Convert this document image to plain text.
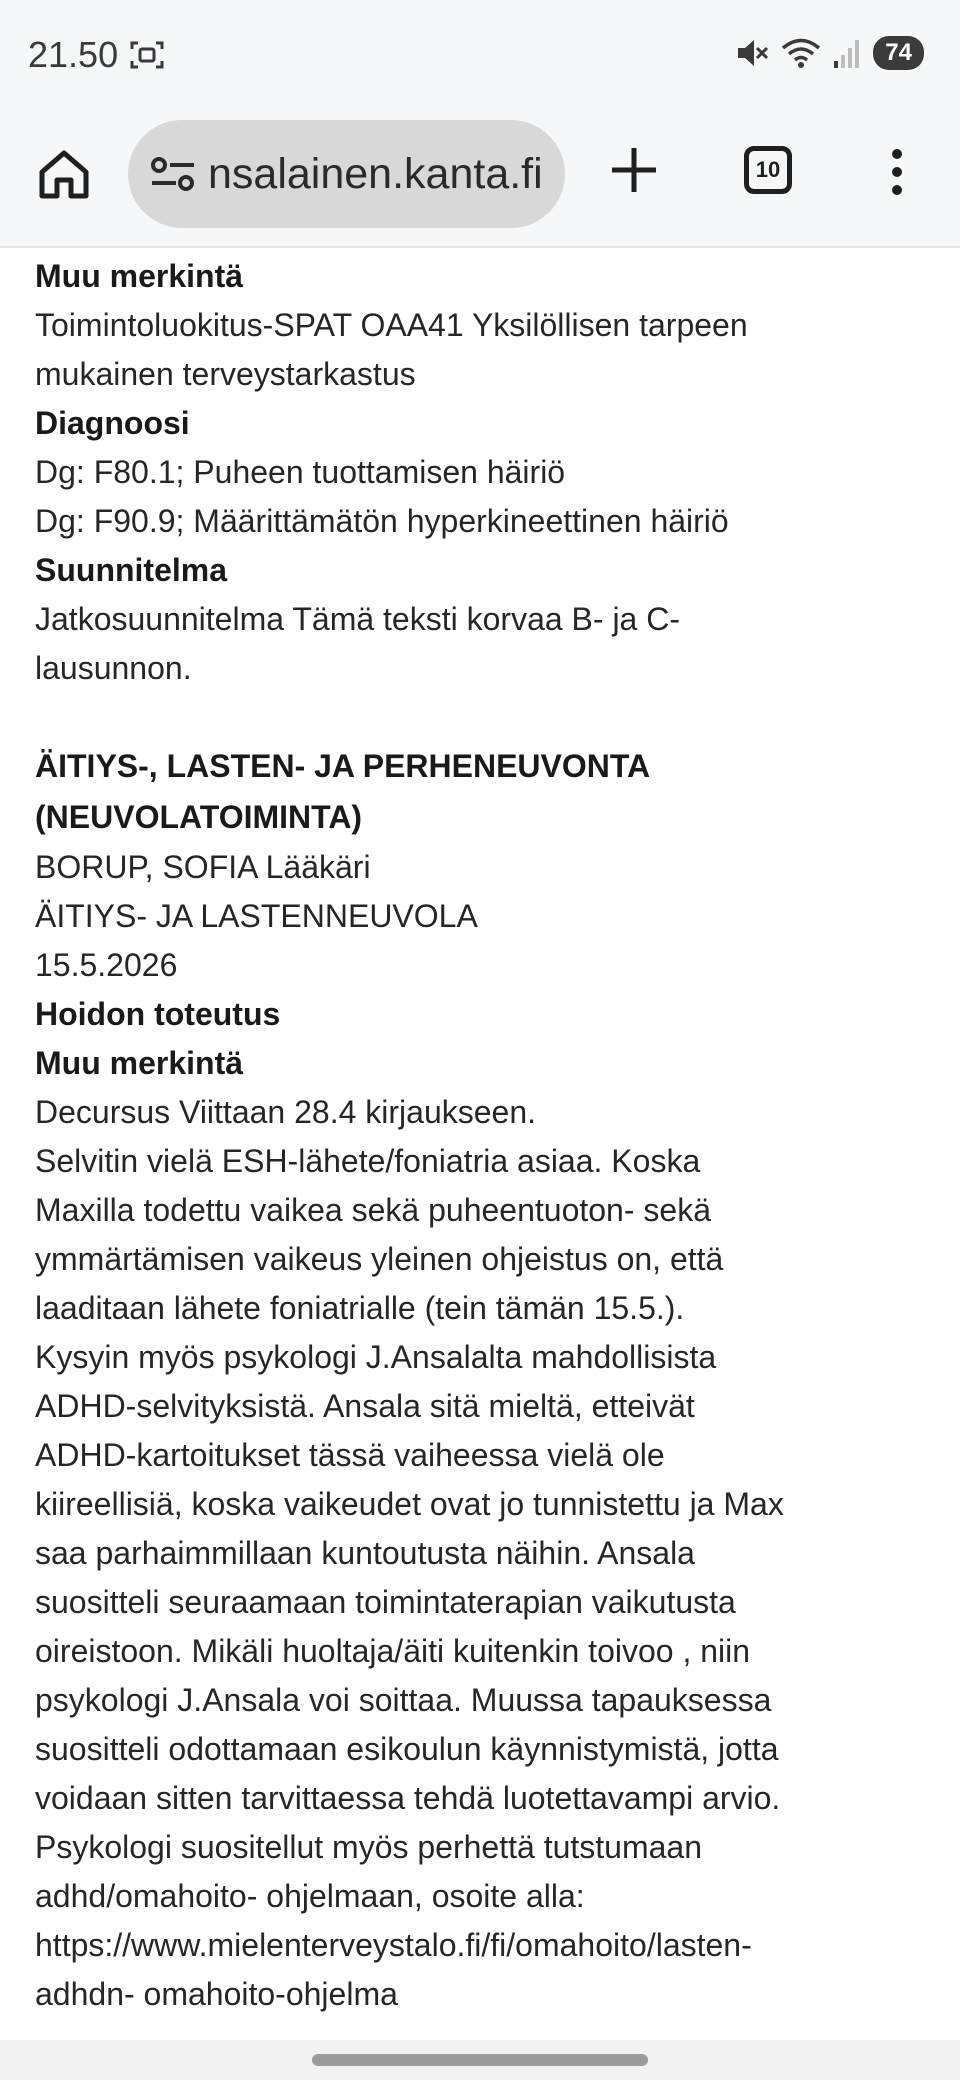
21.50	74
nsalainen.kanta.fi	10
Muu merkintä
Toimintoluokitus-SPAT OAA41 Yksilöllisen tarpeen
mukainen terveystarkastus
Diagnoosi
Dg: F80.1; Puheen tuottamisen häiriö
Dg: F90.9; Määrittämätön hyperkineettinen häiriö
Suunnitelma
Jatkosuunnitelma Tämä teksti korvaa B- ja C-
lausunnon.
ÄITIYS-, LASTEN- JA PERHENEUVONTA
(NEUVOLATOIMINTA)
BORUP, SOFIA Lääkäri
ÄITIYS- JA LASTENNEUVOLA
15.5.2026
Hoidon toteutus
Muu merkintä
Decursus Viittaan 28.4 kirjaukseen.
Selvitin vielä ESH-lähete/foniatria asiaa. Koska
Maxilla todettu vaikea sekä puheentuoton- sekä
ymmärtämisen vaikeus yleinen ohjeistus on, että
laaditaan lähete foniatrialle (tein tämän 15.5.).
Kysyin myös psykologi J.Ansalalta mahdollisista
ADHD-selvityksistä. Ansala sitä mieltä, etteivät
ADHD-kartoitukset tässä vaiheessa vielä ole
kiireellisiä, koska vaikeudet ovat jo tunnistettu ja Max
saa parhaimmillaan kuntoutusta näihin. Ansala
suositteli seuraamaan toimintaterapian vaikutusta
oireistoon. Mikäli huoltaja/äiti kuitenkin toivoo , niin
psykologi J.Ansala voi soittaa. Muussa tapauksessa
suositteli odottamaan esikoulun käynnistymistä, jotta
voidaan sitten tarvittaessa tehdä luotettavampi arvio.
Psykologi suositellut myös perhettä tutstumaan
adhd/omahoito- ohjelmaan, osoite alla:
https://www.mielenterveystalo.fi/fi/omahoito/lasten-
adhdn- omahoito-ohjelma
